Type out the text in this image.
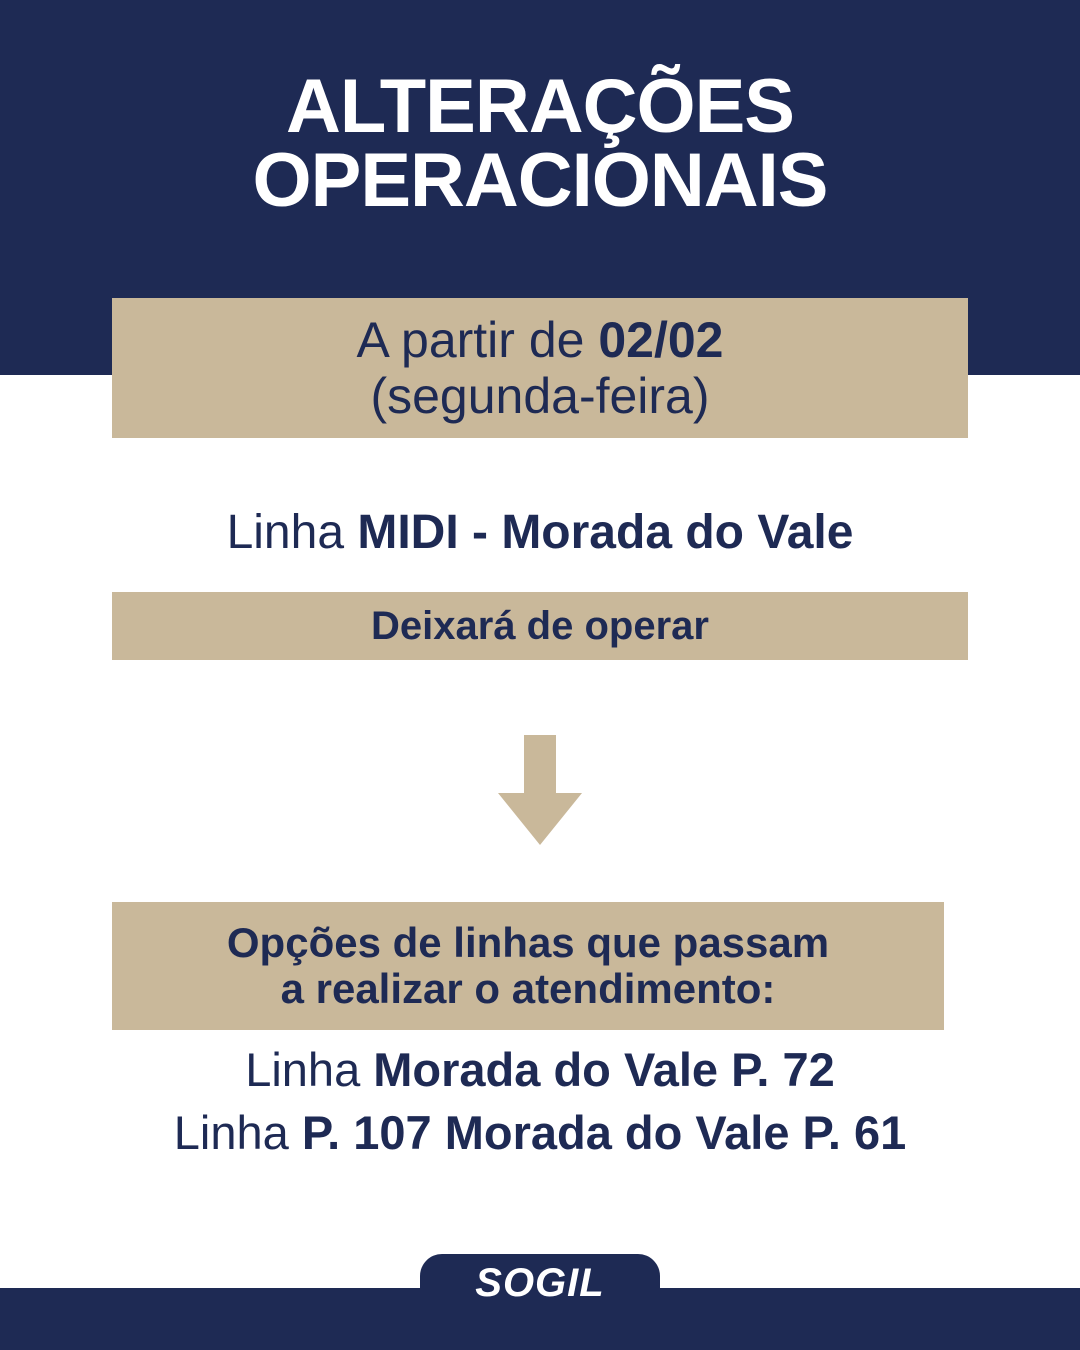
ALTERAÇÕES
OPERACIONAIS
A partir de 02/02
(segunda-feira)
Linha MIDI - Morada do Vale
Deixará de operar
Opções de linhas que passam
a realizar o atendimento:
Linha Morada do Vale P. 72
Linha P. 107 Morada do Vale P. 61
SOGIL
